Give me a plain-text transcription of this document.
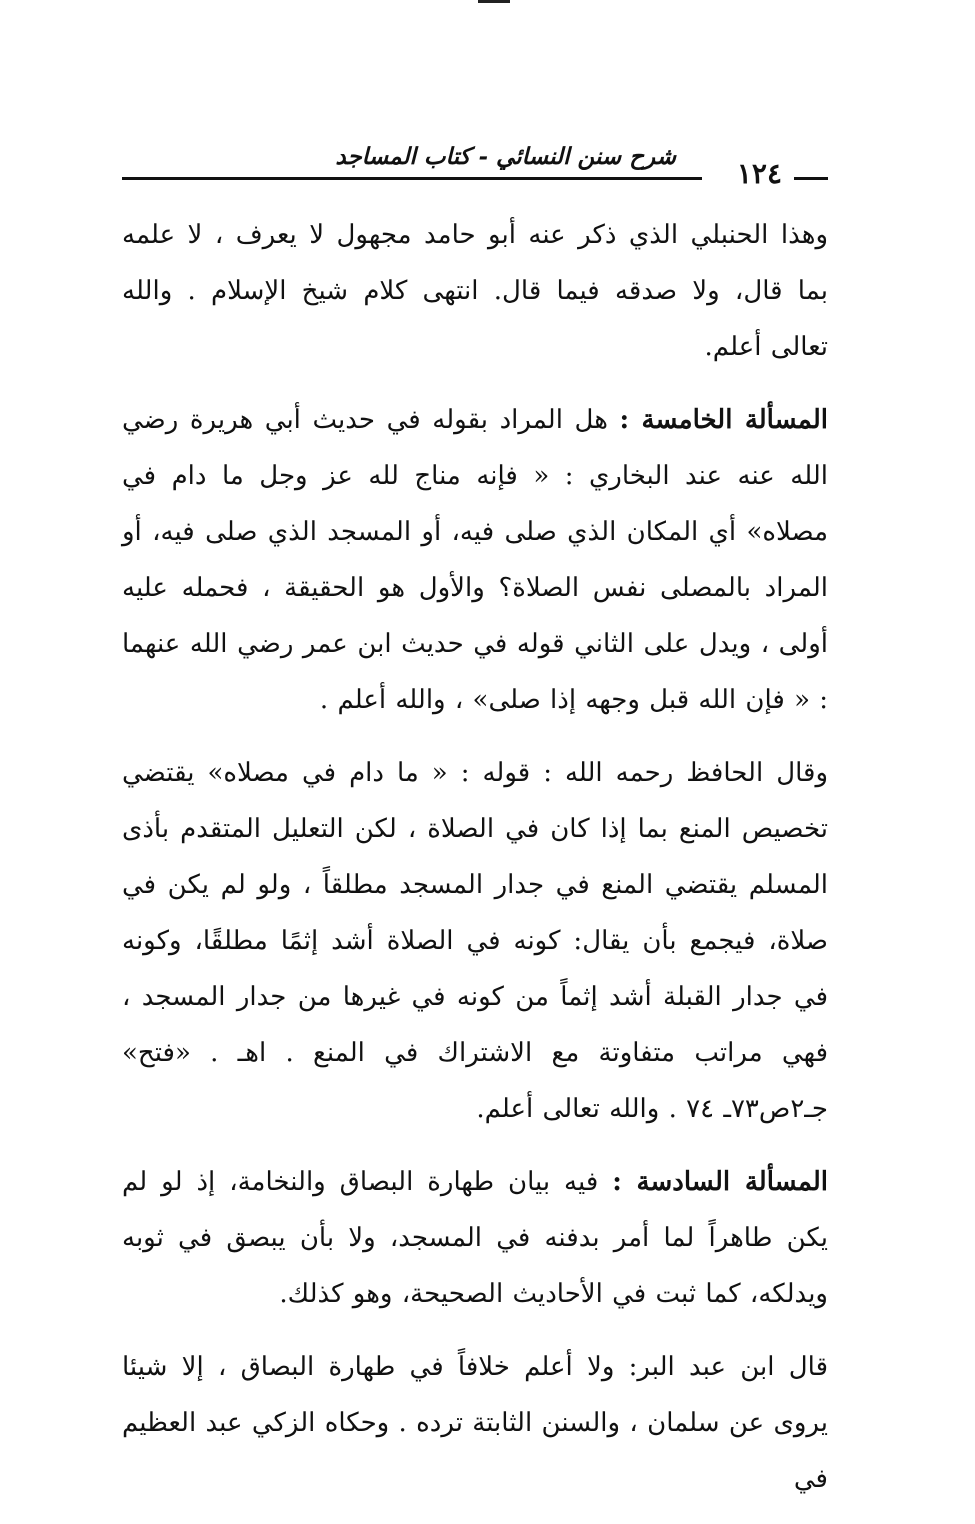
شرح سنن النسائي - كتاب المساجد
١٢٤

وهذا الحنبلي الذي ذكر عنه أبو حامد مجهول لا يعرف ، لا علمه بما قال، ولا صدقه فيما قال. انتهى كلام شيخ الإسلام . والله تعالى أعلم.

المسألة الخامسة : هل المراد بقوله في حديث أبي هريرة رضي الله عنه عند البخاري : « فإنه مناج لله عز وجل ما دام في مصلاه» أي المكان الذي صلى فيه، أو المسجد الذي صلى فيه، أو المراد بالمصلى نفس الصلاة؟ والأول هو الحقيقة ، فحمله عليه أولى ، ويدل على الثاني قوله في حديث ابن عمر رضي الله عنهما : « فإن الله قبل وجهه إذا صلى» ، والله أعلم .

وقال الحافظ رحمه الله : قوله : « ما دام في مصلاه» يقتضي تخصيص المنع بما إذا كان في الصلاة ، لكن التعليل المتقدم بأذى المسلم يقتضي المنع في جدار المسجد مطلقاً ، ولو لم يكن في صلاة، فيجمع بأن يقال: كونه في الصلاة أشد إثمًا مطلقًا، وكونه في جدار القبلة أشد إثماً من كونه في غيرها من جدار المسجد ، فهي مراتب متفاوتة مع الاشتراك في المنع . اهـ . «فتح» جـ٢ص٧٣ـ ٧٤ . والله تعالى أعلم.

المسألة السادسة : فيه بيان طهارة البصاق والنخامة، إذ لو لم يكن طاهراً لما أمر بدفنه في المسجد، ولا بأن يبصق في ثوبه ويدلكه، كما ثبت في الأحاديث الصحيحة، وهو كذلك.

قال ابن عبد البر: ولا أعلم خلافاً في طهارة البصاق ، إلا شيئا يروى عن سلمان ، والسنن الثابتة ترده . وحكاه الزكي عبد العظيم في
